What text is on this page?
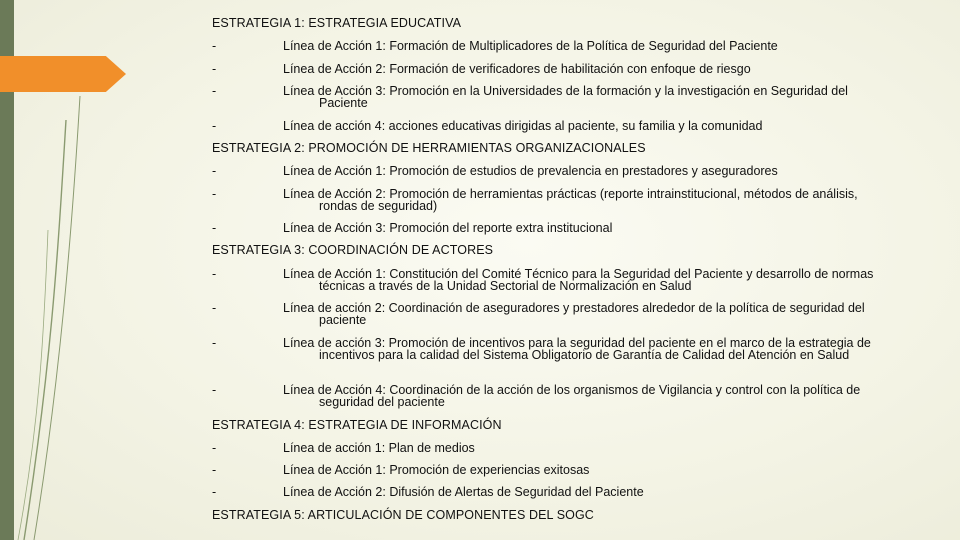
ESTRATEGIA 1: ESTRATEGIA EDUCATIVA
-	Línea de Acción 1: Formación de Multiplicadores de la Política de Seguridad del Paciente
-	Línea de Acción 2: Formación de verificadores de habilitación con enfoque de riesgo
-	Línea de Acción 3: Promoción en la Universidades de la formación y la investigación en Seguridad del Paciente
-	Línea de acción 4: acciones educativas dirigidas al paciente, su familia y la comunidad
ESTRATEGIA 2: PROMOCIÓN DE HERRAMIENTAS ORGANIZACIONALES
-	Línea de Acción 1: Promoción de estudios de prevalencia en prestadores y aseguradores
-	Línea de Acción 2: Promoción de herramientas prácticas (reporte intrainstitucional, métodos de análisis, rondas de seguridad)
-	Línea de Acción 3: Promoción del reporte extra institucional
ESTRATEGIA 3: COORDINACIÓN DE ACTORES
-	Línea de Acción 1: Constitución del Comité Técnico para la Seguridad del Paciente y desarrollo de normas técnicas a través de la Unidad Sectorial de Normalización en Salud
-	Línea de acción 2: Coordinación de aseguradores y prestadores alrededor de la política de seguridad del paciente
-	Línea de acción 3: Promoción de incentivos para la seguridad del paciente en el marco de la estrategia de incentivos para la calidad del Sistema Obligatorio de Garantía de Calidad del Atención en Salud
-	Línea de Acción 4: Coordinación de la acción de los organismos de Vigilancia y control con la política de seguridad del paciente
ESTRATEGIA 4: ESTRATEGIA DE INFORMACIÓN
-	Línea de acción 1: Plan de medios
-	Línea de Acción 1: Promoción de experiencias exitosas
-	Línea de Acción 2: Difusión de Alertas de Seguridad del Paciente
ESTRATEGIA 5: ARTICULACIÓN DE COMPONENTES DEL SOGC
